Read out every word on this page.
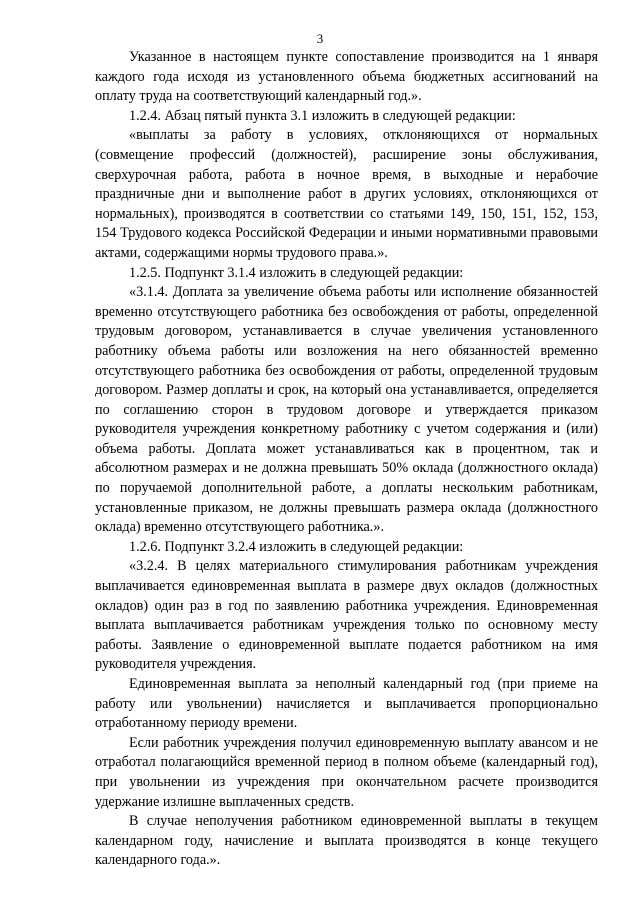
3

Указанное в настоящем пункте сопоставление производится на 1 января каждого года исходя из установленного объема бюджетных ассигнований на оплату труда на соответствующий календарный год.».

1.2.4. Абзац пятый пункта 3.1 изложить в следующей редакции:

«выплаты за работу в условиях, отклоняющихся от нормальных (совмещение профессий (должностей), расширение зоны обслуживания, сверхурочная работа, работа в ночное время, в выходные и нерабочие праздничные дни и выполнение работ в других условиях, отклоняющихся от нормальных), производятся в соответствии со статьями 149, 150, 151, 152, 153, 154 Трудового кодекса Российской Федерации и иными нормативными правовыми актами, содержащими нормы трудового права.».

1.2.5. Подпункт 3.1.4 изложить в следующей редакции:

«3.1.4. Доплата за увеличение объема работы или исполнение обязанностей временно отсутствующего работника без освобождения от работы, определенной трудовым договором, устанавливается в случае увеличения установленного работнику объема работы или возложения на него обязанностей временно отсутствующего работника без освобождения от работы, определенной трудовым договором. Размер доплаты и срок, на который она устанавливается, определяется по соглашению сторон в трудовом договоре и утверждается приказом руководителя учреждения конкретному работнику с учетом содержания и (или) объема работы. Доплата может устанавливаться как в процентном, так и абсолютном размерах и не должна превышать 50% оклада (должностного оклада) по поручаемой дополнительной работе, а доплаты нескольким работникам, установленные приказом, не должны превышать размера оклада (должностного оклада) временно отсутствующего работника.».

1.2.6. Подпункт 3.2.4 изложить в следующей редакции:

«3.2.4. В целях материального стимулирования работникам учреждения выплачивается единовременная выплата в размере двух окладов (должностных окладов) один раз в год по заявлению работника учреждения. Единовременная выплата выплачивается работникам учреждения только по основному месту работы. Заявление о единовременной выплате подается работником на имя руководителя учреждения.

Единовременная выплата за неполный календарный год (при приеме на работу или увольнении) начисляется и выплачивается пропорционально отработанному периоду времени.

Если работник учреждения получил единовременную выплату авансом и не отработал полагающийся временной период в полном объеме (календарный год), при увольнении из учреждения при окончательном расчете производится удержание излишне выплаченных средств.

В случае неполучения работником единовременной выплаты в текущем календарном году, начисление и выплата производятся в конце текущего календарного года.».
